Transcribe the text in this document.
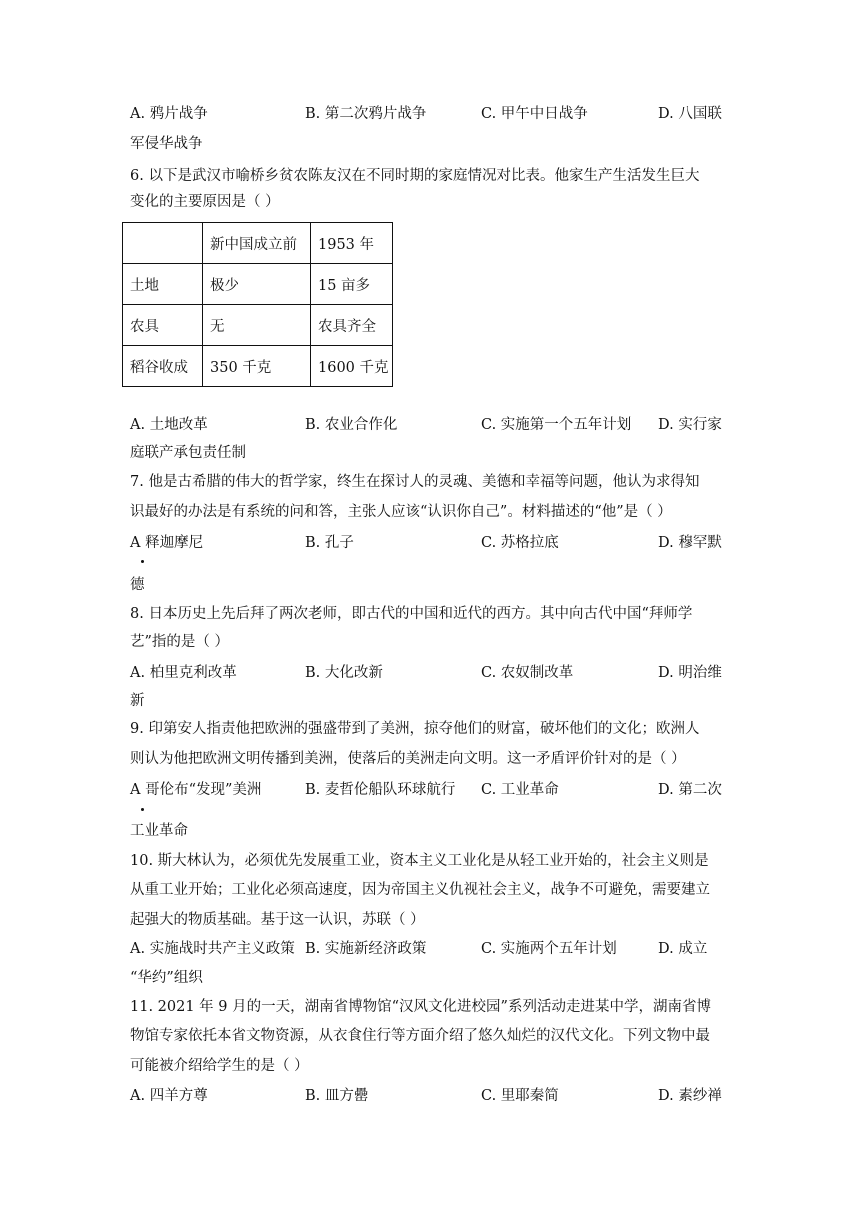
A. 鸦片战争	B. 第二次鸦片战争	C. 甲午中日战争	D. 八国联
军侵华战争
6. 以下是武汉市喻桥乡贫农陈友汉在不同时期的家庭情况对比表。他家生产生活发生巨大
变化的主要原因是（ ）
	新中国成立前	1953 年
土地	极少	15 亩多
农具	无	农具齐全
稻谷收成	350 千克	1600 千克
A. 土地改革	B. 农业合作化	C. 实施第一个五年计划 D. 实行家
庭联产承包责任制
7. 他是古希腊的伟大的哲学家，终生在探讨人的灵魂、美德和幸福等问题，他认为求得知
识最好的办法是有系统的问和答，主张人应该“认识你自己”。材料描述的“他”是（ ）
A 释迦摩尼	B. 孔子	C. 苏格拉底	D. 穆罕默
德
8. 日本历史上先后拜了两次老师，即古代的中国和近代的西方。其中向古代中国“拜师学
艺”指的是（ ）
A. 柏里克利改革	B. 大化改新	C. 农奴制改革	D. 明治维
新
9. 印第安人指责他把欧洲的强盛带到了美洲，掠夺他们的财富，破坏他们的文化；欧洲人
则认为他把欧洲文明传播到美洲，使落后的美洲走向文明。这一矛盾评价针对的是（ ）
A 哥伦布“发现”美洲	B. 麦哲伦船队环球航行 C. 工业革命	D. 第二次
工业革命
10. 斯大林认为，必须优先发展重工业，资本主义工业化是从轻工业开始的，社会主义则是
从重工业开始；工业化必须高速度，因为帝国主义仇视社会主义，战争不可避免，需要建立
起强大的物质基础。基于这一认识，苏联（ ）
A. 实施战时共产主义政策 B. 实施新经济政策	C. 实施两个五年计划	D. 成立
“华约”组织
11. 2021 年 9 月的一天，湖南省博物馆“汉风文化进校园”系列活动走进某中学，湖南省博
物馆专家依托本省文物资源，从衣食住行等方面介绍了悠久灿烂的汉代文化。下列文物中最
可能被介绍给学生的是（ ）
A. 四羊方尊	B. 皿方罍	C. 里耶秦简	D. 素纱禅
